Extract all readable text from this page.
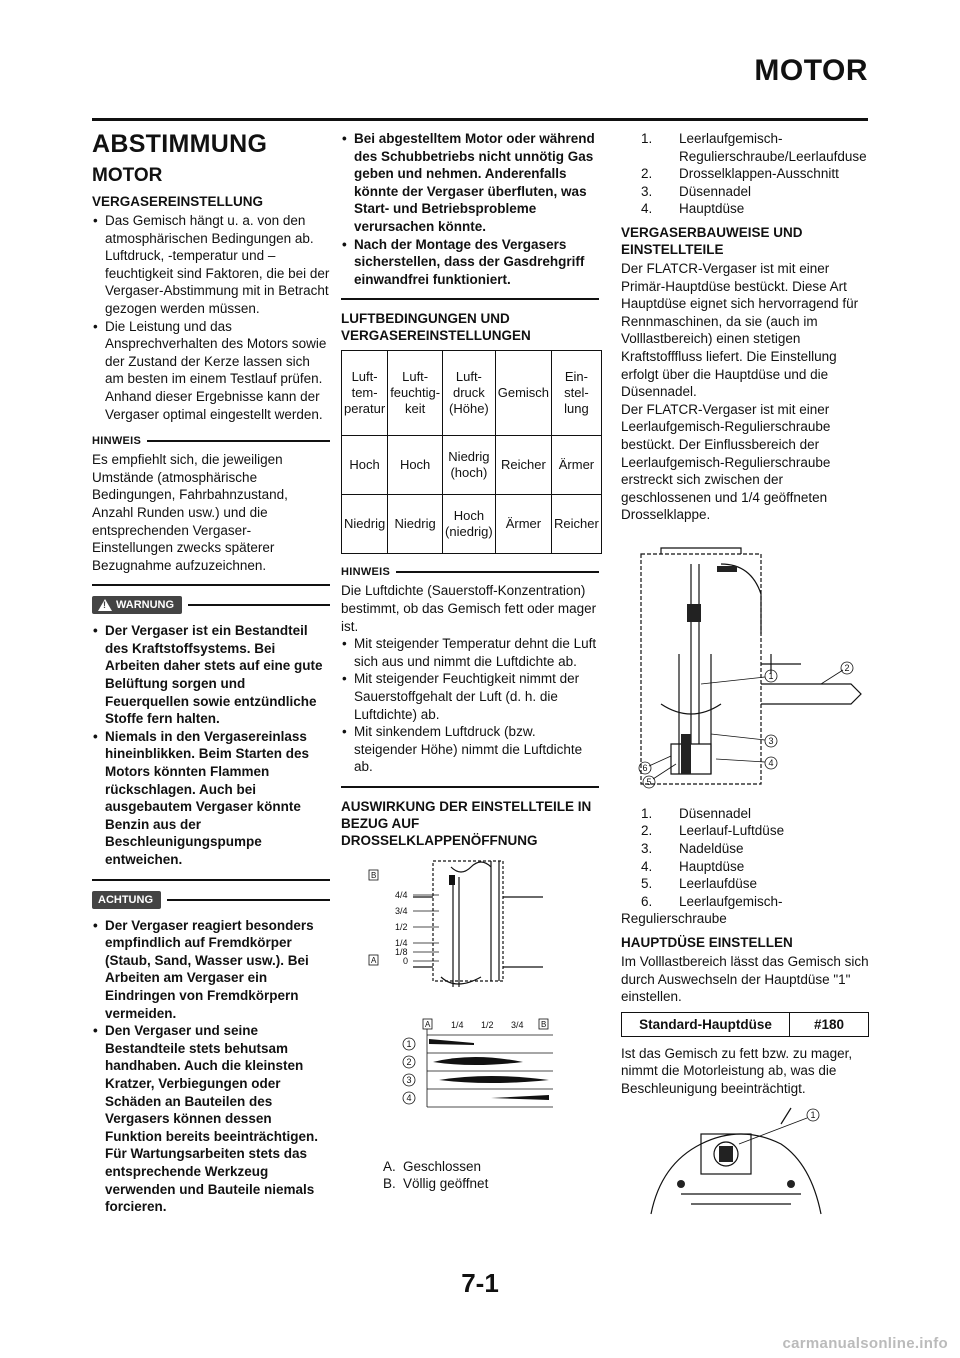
MOTOR
ABSTIMMUNG
MOTOR
VERGASEREINSTELLUNG
• Das Gemisch hängt u. a. von den atmosphärischen Bedingungen ab. Luftdruck, -temperatur und –feuchtigkeit sind Faktoren, die bei der Vergaser-Abstimmung mit in Betracht gezogen werden müssen.
• Die Leistung und das Ansprechverhalten des Motors sowie der Zustand der Kerze lassen sich am besten im einem Testlauf prüfen. Anhand dieser Ergebnisse kann der Vergaser optimal eingestellt werden.
HINWEIS

Es empfiehlt sich, die jeweiligen Umstände (atmosphärische Bedingungen, Fahrbahnzustand, Anzahl Runden usw.) und die entsprechenden Vergaser-Einstellungen zwecks späterer Bezugnahme aufzuzeichnen.

! WARNUNG
• Der Vergaser ist ein Bestandteil des Kraftstoffsystems. Bei Arbeiten daher stets auf eine gute Belüftung sorgen und Feuerquellen sowie entzündliche Stoffe fern halten.
• Niemals in den Vergasereinlass hineinblikken. Beim Starten des Motors könnten Flammen rückschlagen. Auch bei ausgebautem Vergaser könnte Benzin aus der Beschleunigungspumpe entweichen.
ACHTUNG
• Der Vergaser reagiert besonders empfindlich auf Fremdkörper (Staub, Sand, Wasser usw.). Bei Arbeiten am Vergaser ein Eindringen von Fremdkörpern vermeiden.
• Den Vergaser und seine Bestandteile stets behutsam handhaben. Auch die kleinsten Kratzer, Verbiegungen oder Schäden an Bauteilen des Vergasers können dessen Funktion bereits beeinträchtigen. Für Wartungsarbeiten stets das entsprechende Werkzeug verwenden und Bauteile niemals forcieren.
• Bei abgestelltem Motor oder während des Schubbetriebs nicht unnötig Gas geben und nehmen. Anderenfalls könnte der Vergaser überfluten, was Start- und Betriebsprobleme verursachen könnte.
• Nach der Montage des Vergasers sicherstellen, dass der Gasdrehgriff einwandfrei funktioniert.
LUFTBEDINGUNGEN UND VERGASEREINSTELLUNGEN
Luft-tem-peratur	Luft-feuchtig-keit	Luft-druck (Höhe)	Gemisch	Ein-stel-lung
Hoch	Hoch	Niedrig (hoch)	Reicher	Ärmer
Niedrig	Niedrig	Hoch (niedrig)	Ärmer	Reicher
HINWEIS

Die Luftdichte (Sauerstoff-Konzentration) bestimmt, ob das Gemisch fett oder mager ist.

• Mit steigender Temperatur dehnt die Luft sich aus und nimmt die Luftdichte ab.
• Mit steigender Feuchtigkeit nimmt der Sauerstoffgehalt der Luft (d. h. die Luftdichte) ab.
• Mit sinkendem Luftdruck (bzw. steigender Höhe) nimmt die Luftdichte ab.
AUSWIRKUNG DER EINSTELLTEILE IN BEZUG AUF DROSSELKLAPPENÖFFNUNG
B
A
4/4
3/4
1/2
1/4
1/8
0
A 1/4 1/2 3/4 B
1
2
3
4
A. Geschlossen
B. Völlig geöffnet
1. Leerlaufgemisch-Regulierschraube/Leerlaufduse
2. Drosselklappen-Ausschnitt
3. Düsennadel
4. Hauptdüse
VERGASERBAUWEISE UND EINSTELLTEILE

Der FLATCR-Vergaser ist mit einer Primär-Hauptdüse bestückt. Diese Art Hauptdüse eignet sich hervorragend für Rennmaschinen, da sie (auch im Volllastbereich) einen stetigen Kraftstofffluss liefert. Die Einstellung erfolgt über die Hauptdüse und die Düsennadel.

Der FLATCR-Vergaser ist mit einer Leerlaufgemisch-Regulierschraube bestückt. Der Einflussbereich der Leerlaufgemisch-Regulierschraube erstreckt sich zwischen der geschlossenen und 1/4 geöffneten Drosselklappe.

1
2
3
4
5
6
1. Düsennadel
2. Leerlauf-Luftdüse
3. Nadeldüse
4. Hauptdüse
5. Leerlaufdüse
6. Leerlaufgemisch-Regulierschraube
HAUPTDÜSE EINSTELLEN

Im Volllastbereich lässt das Gemisch sich durch Auswechseln der Hauptdüse "1" einstellen.

Standard-Hauptdüse	#180

Ist das Gemisch zu fett bzw. zu mager, nimmt die Motorleistung ab, was die Beschleunigung beeinträchtigt.

1
7-1
carmanualsonline.info
